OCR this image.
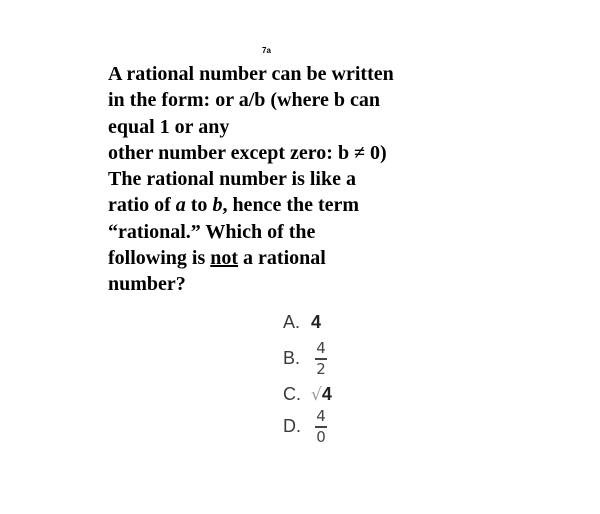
7a
A rational number can be written
in the form: or a/b (where b can
equal 1 or any
other number except zero: b ≠ 0)
The rational number is like a
ratio of a to b, hence the term
“rational.” Which of the
following is not a rational
number?
A. 4
B. $\frac{4}{2}$
C. √ 4
D. $\frac{4}{0}$
